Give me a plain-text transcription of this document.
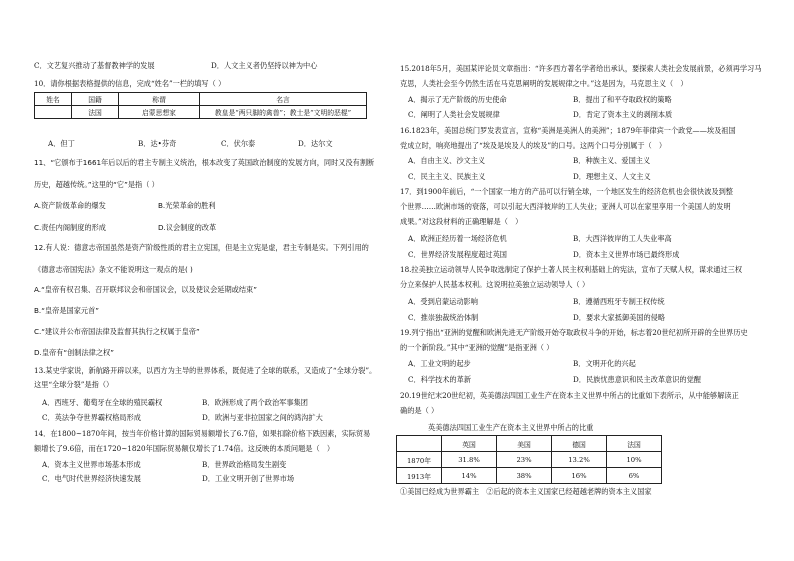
C．文艺复兴推动了基督教神学的发展	D．人文主义者仍坚持以神为中心
10．请你根据表格提供的信息，完成“姓名”一栏的填写（ ）
姓名	国籍	称谓	名言
	法国	启蒙思想家	教皇是“两只脚的禽兽”；教士是“文明的恶棍”
A．但丁	B．达•芬奇	C．伏尔泰	D．达尔文
11、“它颁布于1661年后以后的君主专制主义统治，根本改变了英国政治制度的发展方向，同时又没有割断
历史，超越传统。”这里的“它”是指（ ）
A.资产阶级革命的爆发	B.光荣革命的胜利
C.责任内阁制度的形成	D.议会制度的改革
12.有人说：德意志帝国虽然是资产阶级性质的君主立宪国，但是主立宪是虚，君主专制是实。下列引用的
《德意志帝国宪法》条文不能说明这一观点的是( )
A.“皇帝有权召集、召开联邦议会和帝国议会，以及使议会延期或结束”
B.“皇帝是国家元首”
C.“建议并公布帝国法律及监督其执行之权属于皇帝”
D.皇帝有“创制法律之权”
13.某史学家说，新航路开辟以来，以西方为主导的世界体系，既促进了全球的联系，又造成了“全球分裂”。
这里“全球分裂”是指（）
A．西班牙、葡萄牙在全球的殖民霸权	B．欧洲形成了两个政治军事集团
C．英法争夺世界霸权格局形成	D．欧洲与亚非拉国家之间的鸿沟扩大
14．在1800~1870年间，按当年价格计算的国际贸易额增长了6.7倍，如果扣除价格下跌因素，实际贸易
额增长了9.6倍，而在1720~1820年国际贸易额仅增长了1.74倍。这反映的本质问题是（　）
A．资本主义世界市场基本形成	B．世界政治格局发生剧变
C．电气时代世界经济快速发展	D．工业文明开创了世界市场
15.2018年5月，美国某评论员文章指出：“许多西方著名学者给出承认，要探索人类社会发展前景，必须再学习马
克思，人类社会至今仍然生活在马克思阐明的发展规律之中。”这是因为，马克思主义（　）
A．揭示了无产阶级的历史使命	B．提出了和平夺取政权的策略
C．阐明了人类社会发展规律	D．肯定了资本主义的剥削本质
16.1823年，美国总统门罗发表宣言，宣称“美洲是美洲人的美洲”；1879年菲律宾一个政党——埃及祖国
党成立时，响亮地提出了“埃及是埃及人的埃及”的口号。这两个口号分别属于（　）
A．自由主义、沙文主义	B．种族主义、爱国主义
C．民主主义、民族主义	D．理想主义、人文主义
17．到1900年前后，“一个国家一地方的产品可以行销全球，一个地区发生的经济危机也会很快波及到整
个世界……欧洲市场的衰落，可以引起大西洋彼岸的工人失业；亚洲人可以在家里享用一个美国人的发明
成果。”对这段材料的正确理解是（　）
A．欧洲正经历着一场经济危机	B．大西洋彼岸的工人失业率高
C．世界经济发展程度超过英国	D．资本主义世界市场已最终形成
18.拉美独立运动领导人民争取选制定了保护土著人民主权利基础上的宪法，宣布了天赋人权，谋求通过三权
分立来保护人民基本权利。这说明拉美独立运动领导人（ ）
A．受到启蒙运动影响	B．遵循西班牙专制王权传统
C．推崇独裁统治体制	D．要求大家抵御美国的侵略
19.列宁指出“亚洲的觉醒和欧洲先进无产阶级开始夺取政权斗争的开始，标志着20世纪初所开辟的全世界历史
的一个新阶段。”其中“亚洲的觉醒”是指亚洲（ ）
A．工业文明的起步	B．文明开化的兴起
C．科学技术的革新	D．民族忧患意识和民主改革意识的觉醒
20.19世纪末20世纪初，英美德法四国工业生产在资本主义世界中所占的比重如下表所示，从中能够解读正
确的是（ ）
英美德法四国工业生产在资本主义世界中所占的比重
	英国	美国	德国	法国
1870年	31.8%	23%	13.2%	10%
1913年	14%	38%	16%	6%
①美国已经成为世界霸主　②后起的资本主义国家已经超越老牌的资本主义国家
